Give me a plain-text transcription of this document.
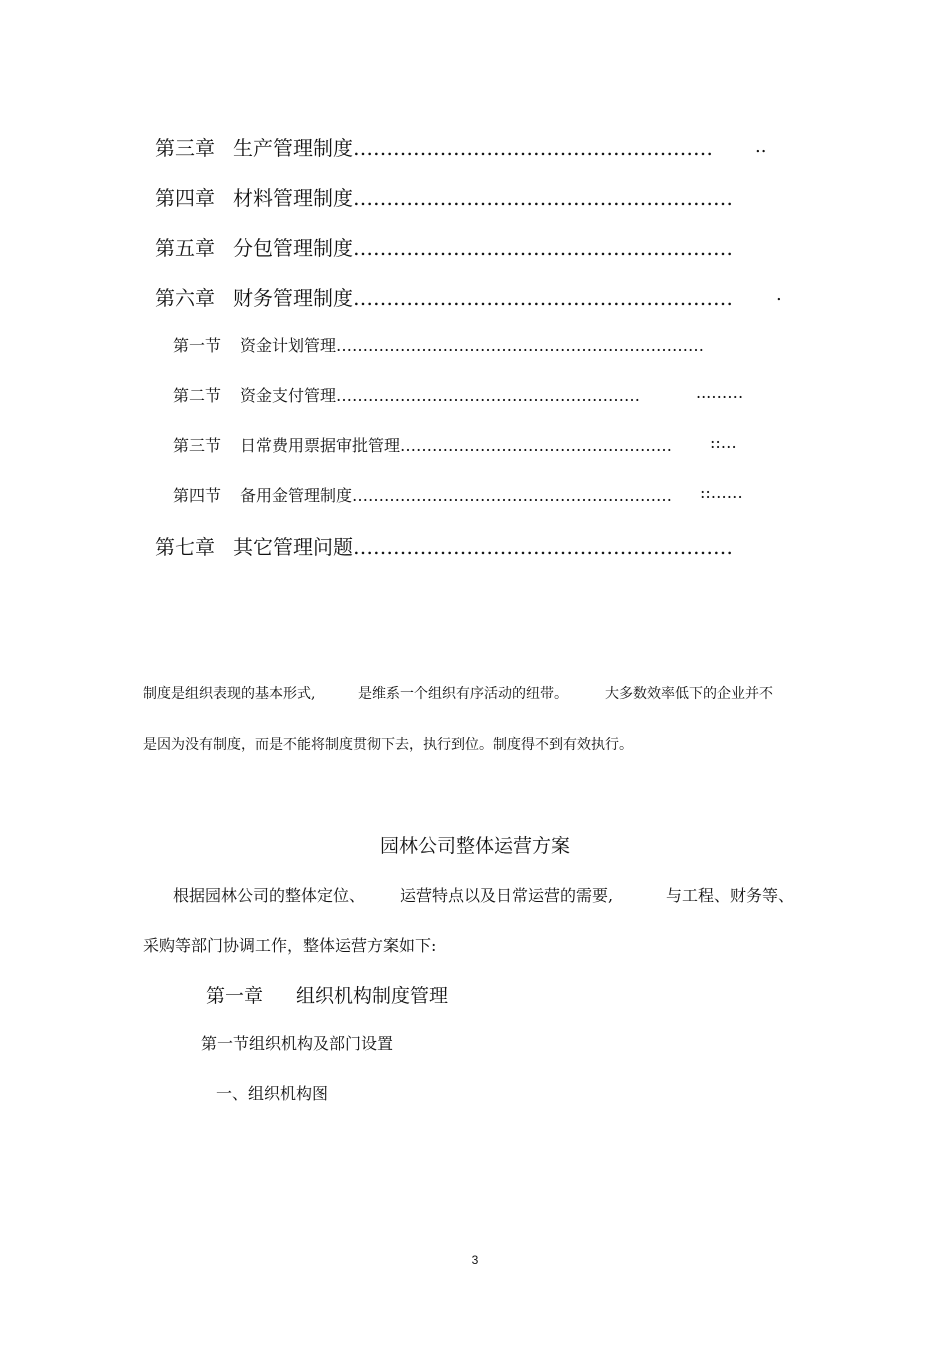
第三章 生产管理制度……………………………………………… ..
第四章 材料管理制度…………………………………………………
第五章 分包管理制度…………………………………………………
第六章 财务管理制度………………………………………………… .
第一节 资金计划管理……………………………………………………………
第二节 资金支付管理…………………………………………………	...……
第三节 日常费用票据审批管理…………………………………………… ::…
第四节 备用金管理制度…………………………………………………… ::……
第七章 其它管理问题…………………………………………………
制度是组织表现的基本形式,	是维系一个组织有序活动的纽带。	大多数效率低下的企业并不
是因为没有制度，而是不能将制度贯彻下去，执行到位。制度得不到有效执行。
园林公司整体运营方案
根据园林公司的整体定位、 运营特点以及日常运营的需要,	与工程、财务等、
采购等部门协调工作，整体运营方案如下:
第一章 组织机构制度管理
第一节组织机构及部门设置
一、组织机构图
3
